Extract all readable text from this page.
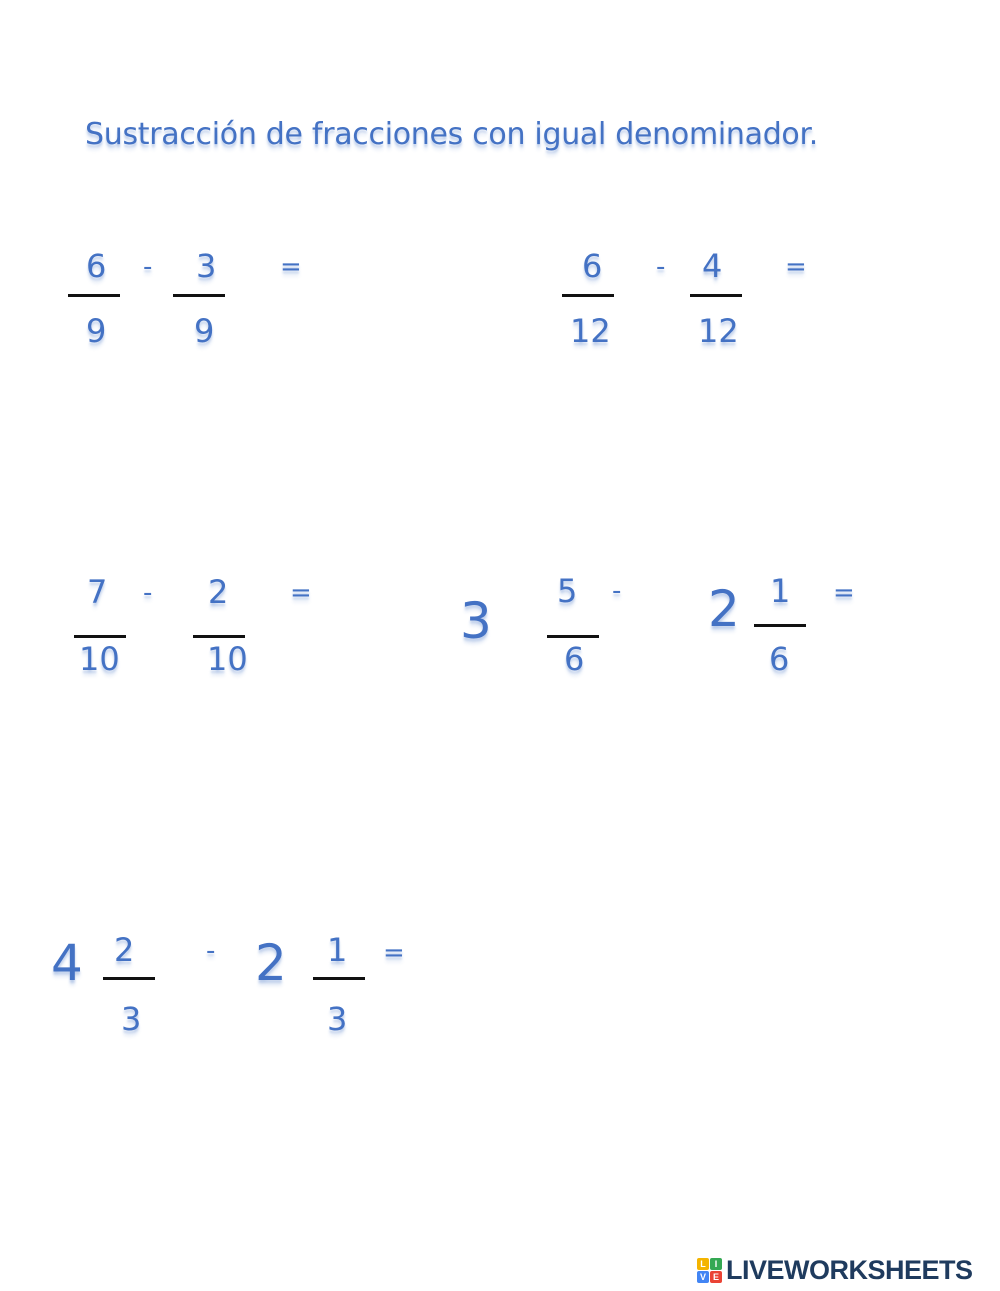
Sustracción de fracciones con igual denominador.
6
9
- 3
9
=	6
12
- 4
12
=
7
10
- 2
10
=	3
5
6
- 2 1
6
=
4 2
3
- 2 1
3
=
L I
V E LIVEWORKSHEETS
